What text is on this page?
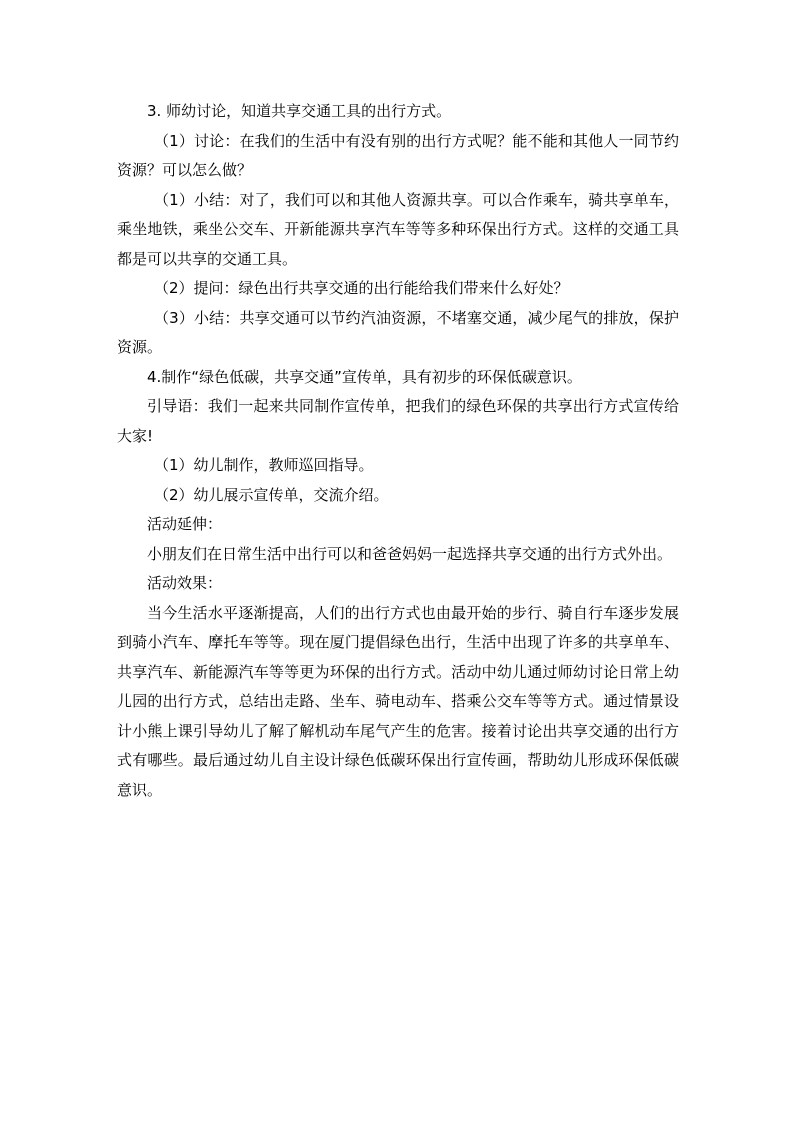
3. 师幼讨论，知道共享交通工具的出行方式。

（1）讨论：在我们的生活中有没有别的出行方式呢？能不能和其他人一同节约资源？可以怎么做？

（1）小结：对了，我们可以和其他人资源共享。可以合作乘车，骑共享单车，乘坐地铁，乘坐公交车、开新能源共享汽车等等多种环保出行方式。这样的交通工具都是可以共享的交通工具。

（2）提问：绿色出行共享交通的出行能给我们带来什么好处？

（3）小结：共享交通可以节约汽油资源，不堵塞交通，减少尾气的排放，保护资源。

4.制作“绿色低碳，共享交通”宣传单，具有初步的环保低碳意识。

引导语：我们一起来共同制作宣传单，把我们的绿色环保的共享出行方式宣传给大家!

（1）幼儿制作，教师巡回指导。

（2）幼儿展示宣传单，交流介绍。

活动延伸：

小朋友们在日常生活中出行可以和爸爸妈妈一起选择共享交通的出行方式外出。

活动效果：

当今生活水平逐渐提高，人们的出行方式也由最开始的步行、骑自行车逐步发展到骑小汽车、摩托车等等。现在厦门提倡绿色出行，生活中出现了许多的共享单车、共享汽车、新能源汽车等等更为环保的出行方式。活动中幼儿通过师幼讨论日常上幼儿园的出行方式，总结出走路、坐车、骑电动车、搭乘公交车等等方式。通过情景设计小熊上课引导幼儿了解了解机动车尾气产生的危害。接着讨论出共享交通的出行方式有哪些。最后通过幼儿自主设计绿色低碳环保出行宣传画，帮助幼儿形成环保低碳意识。
